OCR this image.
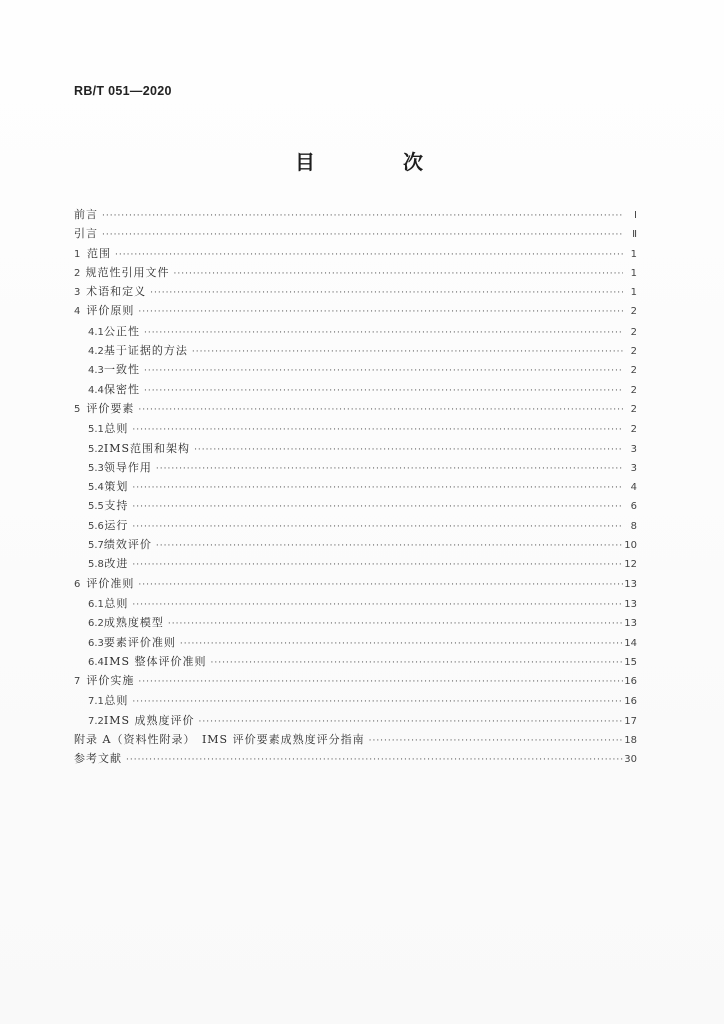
RB/T 051—2020
目　次
前言 ·····	Ⅰ
引言 ·····	Ⅱ
1 范围 ·····	1
2 规范性引用文件 ·····	1
3 术语和定义 ·····	1
4 评价原则 ·····	2
4.1 公正性 ·····	2
4.2 基于证据的方法 ·····	2
4.3 一致性 ·····	2
4.4 保密性 ·····	2
5 评价要素 ·····	2
5.1 总则 ·····	2
5.2 IMS范围和架构 ·····	3
5.3 领导作用 ·····	3
5.4 策划 ·····	4
5.5 支持 ·····	6
5.6 运行 ·····	8
5.7 绩效评价 ·····	10
5.8 改进 ·····	12
6 评价准则 ·····	13
6.1 总则 ·····	13
6.2 成熟度模型 ·····	13
6.3 要素评价准则 ·····	14
6.4 IMS 整体评价准则 ·····	15
7 评价实施 ·····	16
7.1 总则 ·····	16
7.2 IMS 成熟度评价 ·····	17
附录 A（资料性附录）　IMS 评价要素成熟度评分指南 ·····	18
参考文献 ·····	30
